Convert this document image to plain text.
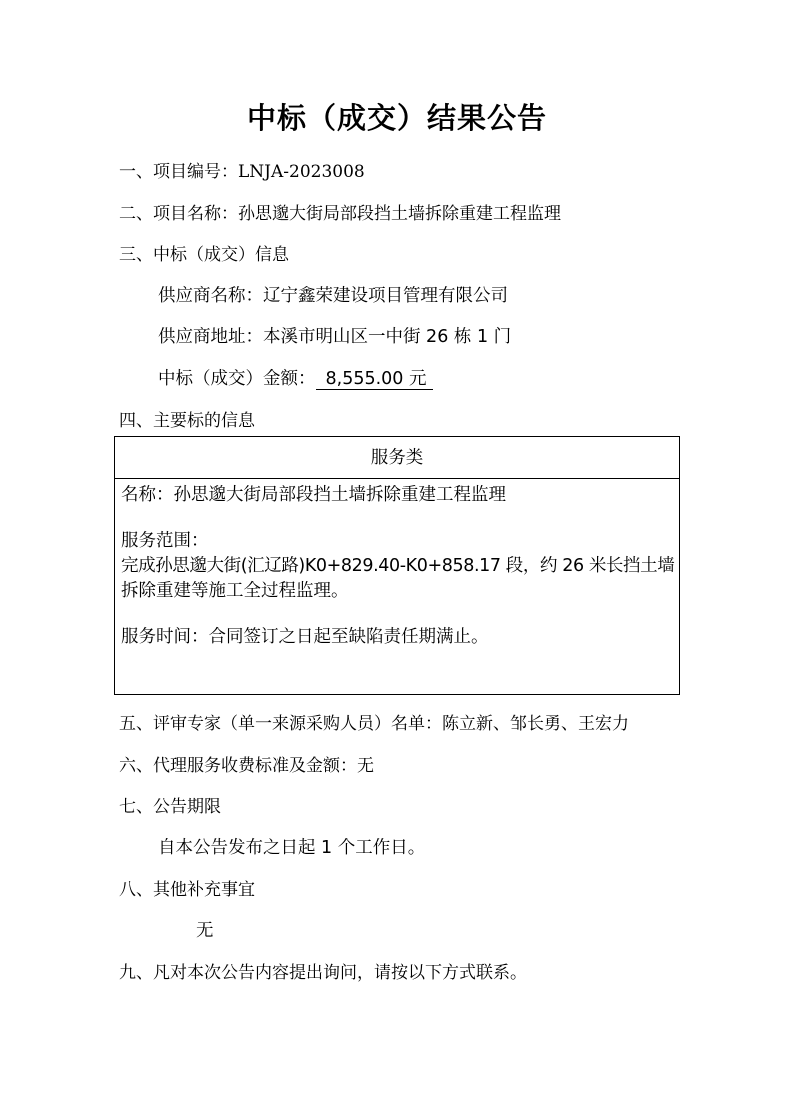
中标（成交）结果公告
一、项目编号：LNJA-2023008
二、项目名称：孙思邈大街局部段挡土墙拆除重建工程监理
三、中标（成交）信息
供应商名称：辽宁鑫荣建设项目管理有限公司
供应商地址：本溪市明山区一中街 26 栋 1 门
中标（成交）金额： 8,555.00 元
四、主要标的信息
服务类
名称：孙思邈大街局部段挡土墙拆除重建工程监理
服务范围：
完成孙思邈大街(汇辽路)K0+829.40-K0+858.17 段，约 26 米长挡土墙
拆除重建等施工全过程监理。
服务时间：合同签订之日起至缺陷责任期满止。
五、评审专家（单一来源采购人员）名单：陈立新、邹长勇、王宏力
六、代理服务收费标准及金额：无
七、公告期限
自本公告发布之日起 1 个工作日。
八、其他补充事宜
无
九、凡对本次公告内容提出询问，请按以下方式联系。
